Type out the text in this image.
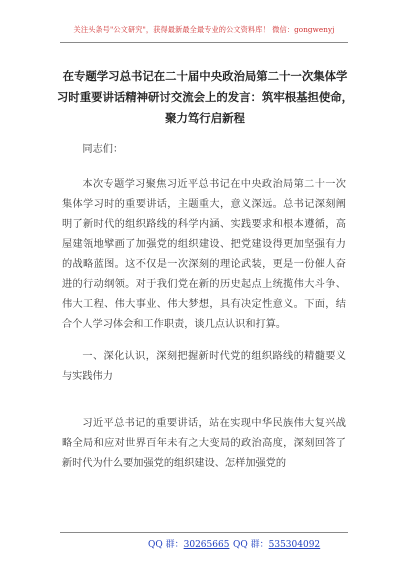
关注头条号"公文研究"，获得最新最全最专业的公文资料库！ 微信：gongwenyj
在专题学习总书记在二十届中央政治局第二十一次集体学
习时重要讲话精神研讨交流会上的发言：筑牢根基担使命，
聚力笃行启新程

同志们：

本次专题学习聚焦习近平总书记在中央政治局第二十一次集体学习时的重要讲话，主题重大，意义深远。总书记深刻阐明了新时代的组织路线的科学内涵、实践要求和根本遵循，高屋建瓴地擘画了加强党的组织建设、把党建设得更加坚强有力的战略蓝图。这不仅是一次深刻的理论武装，更是一份催人奋进的行动纲领。对于我们党在新的历史起点上统揽伟大斗争、伟大工程、伟大事业、伟大梦想，具有决定性意义。下面，结合个人学习体会和工作职责，谈几点认识和打算。

一、深化认识，深刻把握新时代党的组织路线的精髓要义与实践伟力

习近平总书记的重要讲话，站在实现中华民族伟大复兴战略全局和应对世界百年未有之大变局的政治高度，深刻回答了新时代为什么要加强党的组织建设、怎样加强党的

QQ 群：30265665 QQ 群：535304092
